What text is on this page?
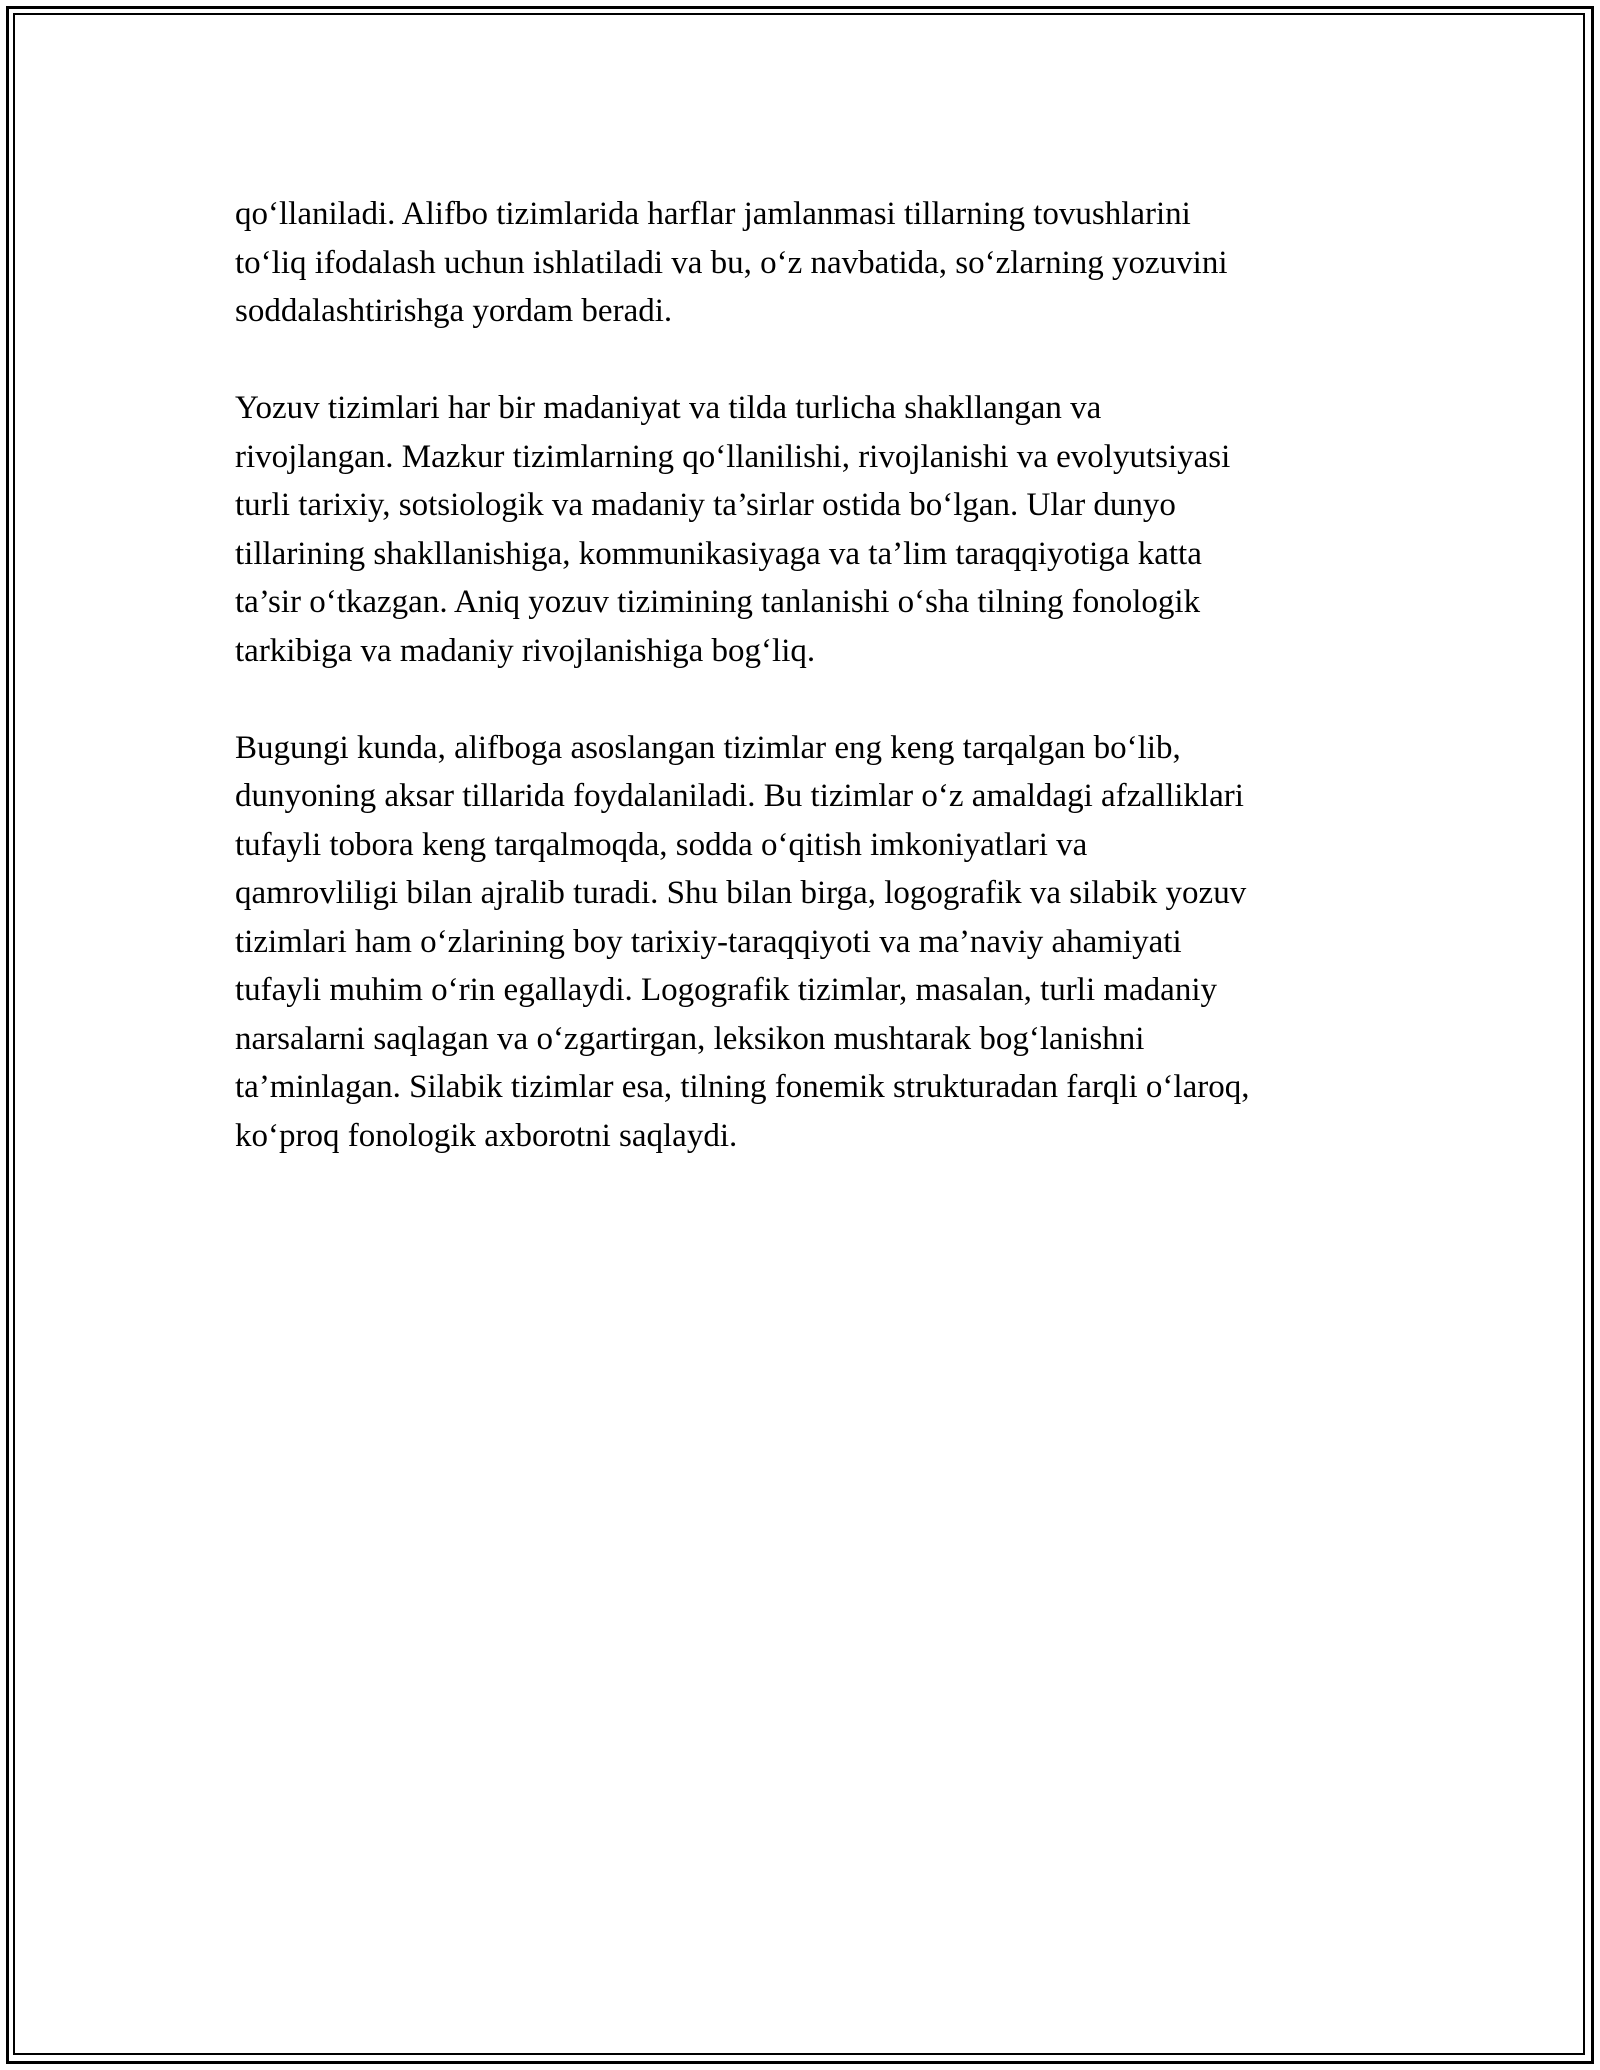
qo‘llaniladi. Alifbo tizimlarida harflar jamlanmasi tillarning tovushlarini
to‘liq ifodalash uchun ishlatiladi va bu, o‘z navbatida, so‘zlarning yozuvini
soddalashtirishga yordam beradi.

Yozuv tizimlari har bir madaniyat va tilda turlicha shakllangan va
rivojlangan. Mazkur tizimlarning qo‘llanilishi, rivojlanishi va evolyutsiyasi
turli tarixiy, sotsiologik va madaniy ta’sirlar ostida bo‘lgan. Ular dunyo
tillarining shakllanishiga, kommunikasiyaga va ta’lim taraqqiyotiga katta
ta’sir o‘tkazgan. Aniq yozuv tizimining tanlanishi o‘sha tilning fonologik
tarkibiga va madaniy rivojlanishiga bog‘liq.

Bugungi kunda, alifboga asoslangan tizimlar eng keng tarqalgan bo‘lib,
dunyoning aksar tillarida foydalaniladi. Bu tizimlar o‘z amaldagi afzalliklari
tufayli tobora keng tarqalmoqda, sodda o‘qitish imkoniyatlari va
qamrovliligi bilan ajralib turadi. Shu bilan birga, logografik va silabik yozuv
tizimlari ham o‘zlarining boy tarixiy-taraqqiyoti va ma’naviy ahamiyati
tufayli muhim o‘rin egallaydi. Logografik tizimlar, masalan, turli madaniy
narsalarni saqlagan va o‘zgartirgan, leksikon mushtarak bog‘lanishni
ta’minlagan. Silabik tizimlar esa, tilning fonemik strukturadan farqli o‘laroq,
ko‘proq fonologik axborotni saqlaydi.
